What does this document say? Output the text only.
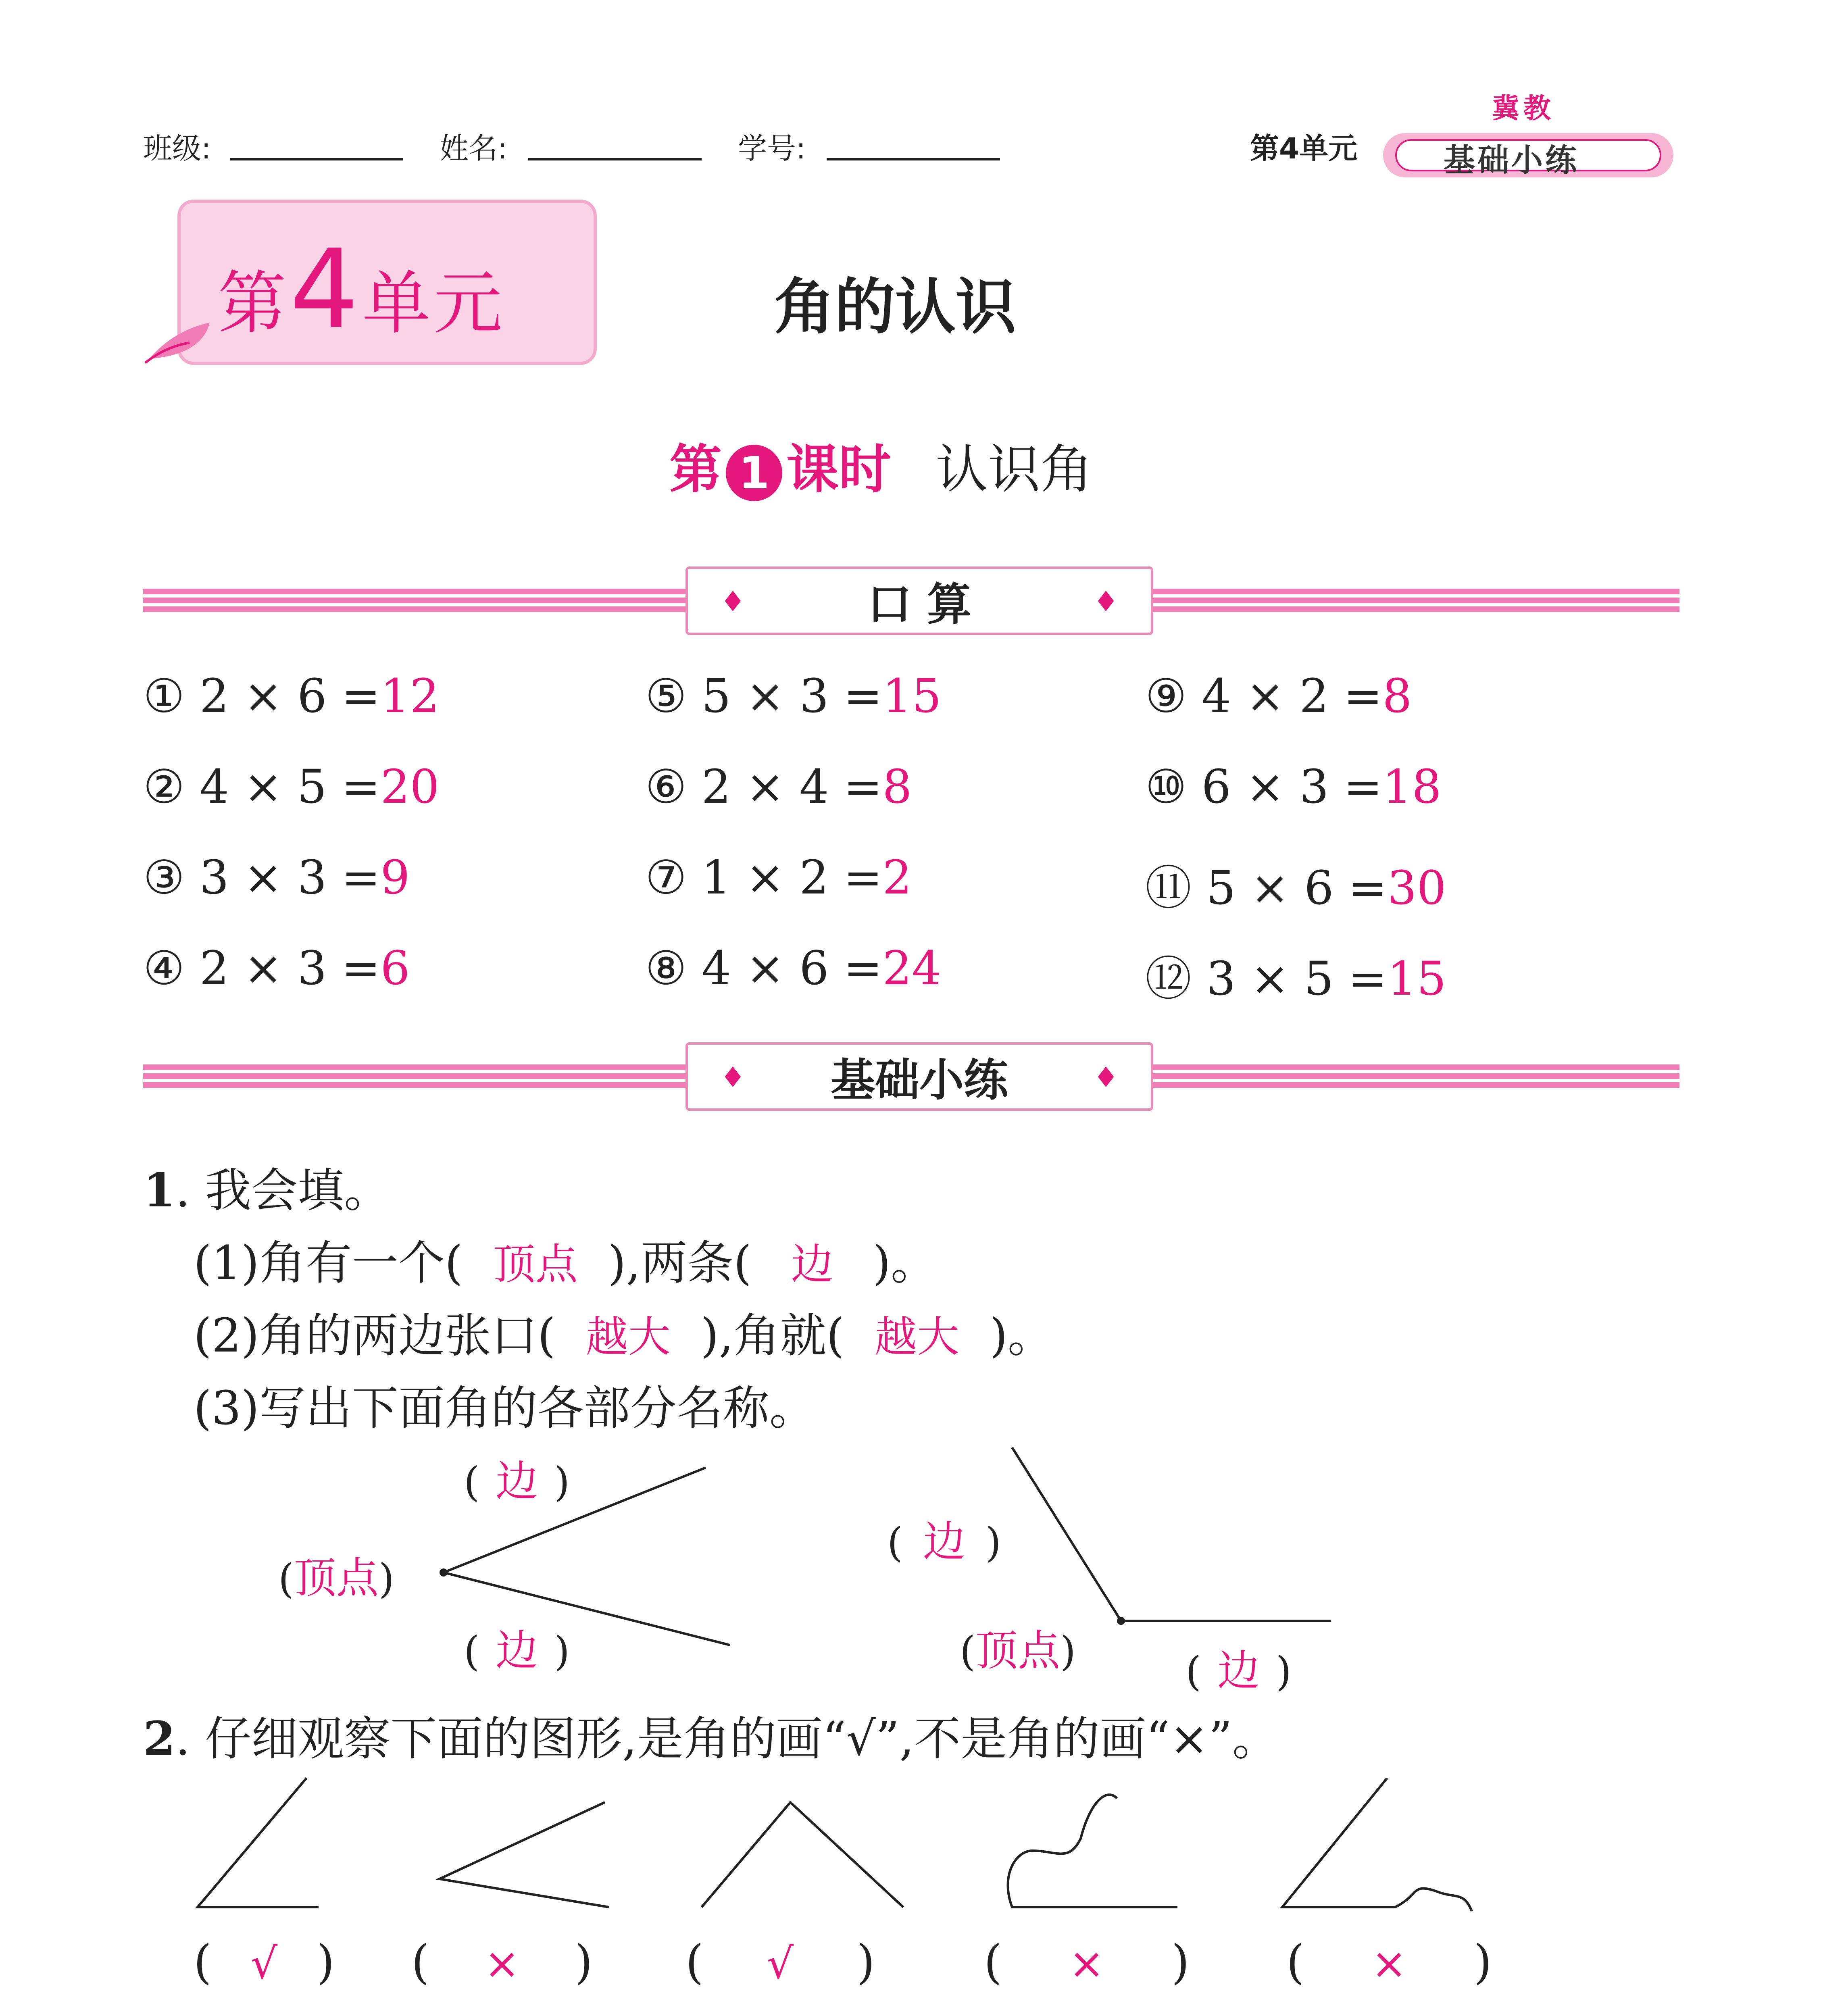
班级:	姓名:	学号:	第4单元	基础小练
冀教
第4单元	角的认识
第 1 课时 认识角
♦	口 算	♦
① 2 × 6 =12	⑤ 5 × 3 =15	⑨ 4 × 2 =8
② 4 × 5 =20	⑥ 2 × 4 =8	⑩ 6 × 3 =18
③ 3 × 3 =9	⑦ 1 × 2 =2	⑪ 5 × 6 =30
④ 2 × 3 =6	⑧ 4 × 6 =24	⑫ 3 × 5 =15
♦ 基础小练	♦
1. 我会填。
(1)角有一个( 顶点 ),两条( 边 )。
(2)角的两边张口( 越大 ),角就( 越大 )。
(3)写出下面角的各部分名称。
( 边 )
(顶点)
( 边 )
( 边 )
(顶点)	( 边 )
2. 仔细观察下面的图形,是角的画“√”,不是角的画“×”。
( √ ) ( × ) ( √ ) ( × ) ( × )
